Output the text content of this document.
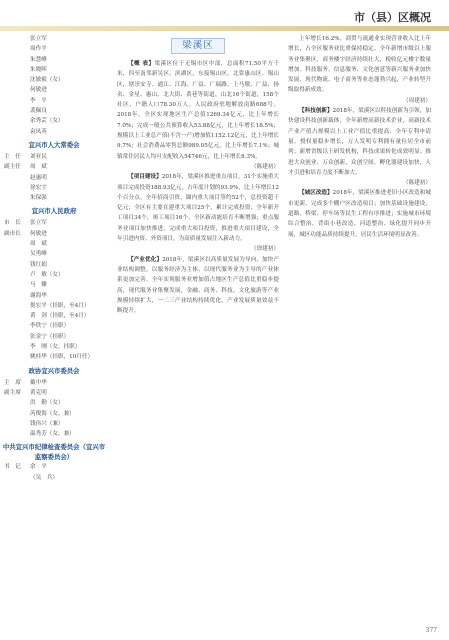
市（县）区概况
张立军
周作平
朱慧峰
朱晓晖
沈敏毅（女）
何敏进
李　平
裴佩良
余秀芸（女）
袁凤英
宜兴市人大常委会
主　任	刘亚民
副主任	周　斌
赵惠明
徐宏宇
朱保强
宜兴市人民政府
市　长	张立军
副市长	何敏进
周　斌
吴勇峰
钱红娟
卢　敏（女）
马　姗
谢海华
倪宏平（挂职，至4月）
黄　剑（挂职，至4月）
李铁宁（挂职）
张金宁（挂职）
李　刚（女，挂职）
姚桂华（挂职，10月任）
政协宜兴市委员会
主　席	戴中华
副主席	黄克明
洪　勤（女）
芮俊海（女，兼）
钱伟兴（兼）
温秀芳（女，兼）
中共宜兴市纪律检查委员会（宜兴市监察委员会）
书　记	余　平
（吴　兵）
梁溪区

【概 表】梁溪区位于无锡市区中部，总面积71.50平方千米，四至南邻新吴区、滨湖区，东接锡山区，北靠惠山区、锡山区，辖崇安寺、通江、江海、广益、广瑞路、上马墩、广益、扬名、金星、惠山、北大街、黄巷等街道，山北16个街道，158个社区。户籍人口78.30万人。人民政府驻地解放南路688号。2018年，全区实现地区生产总值1269.34亿元，比上年增长7.0%；完成一般公共预算收入53.88亿元，比上年增长18.5%；规模以上工业总产值(不含一产)增加值1152.12亿元，比上年增长9.7%；社会消费品零售总额989.05亿元，比上年增长7.1%；城镇常住居民人均可支配收入54746元，比上年增长8.3%。

（陈建初）

【项目建设】2018年，梁溪区推进重点项目，31个实施重大项目完成投资188.93亿元，占年度计划的93.9%，比上年增长12个百分点。全年招商引资、圈内重大项目签约52个，总投资超千亿元；全区有主要在建重大项目25个，累计完成投资；全年新开工项目34个，竣工项目16个，全区新动能培育不断增强；重点服务业项目加快推进，完成重大项目投资，推进重大项目建设，全年引进内资、外资项目，为高质量发展注入新动力。

（徐建初）

【产业优化】2018年，梁溪区以高质量发展为导向，加快产业结构调整，以服务经济为主体、以现代服务业为主导的产业体系更加完善。全年实现服务业增加值占地区生产总值比重稳步提高，现代服务业集聚发展，金融、商务、科技、文化旅游等产业规模持续扩大，一二三产业结构持续优化，产业发展质量效益不断提升。

上年增长16.2%，商贸与流通业实现营业收入比上年增长，占全区服务业比重保持稳定。全年新增市级以上服务业集聚区，商务楼宇经济持续壮大，税收亿元楼宇数量增加。科技服务、信息服务、文化创意等新兴服务业加快发展，现代物流、电子商务等业态蓬勃兴起，产业转型升级取得新成效。

（周建初）

【科技创新】2018年，梁溪区以科技创新为引领，加快建设科技创新载体，全年新增高新技术企业，高新技术产业产值占规模以上工业产值比重提高；全年专利申请量、授权量稳步增长，万人发明专利拥有量位居全市前列；新增省级以上研发机构，科技成果转化成效明显；推进大众创业、万众创新，众创空间、孵化器建设加快，人才引进和培育力度不断加大。

（陈建初）

【城区改造】2018年，梁溪区推进老旧小区改造和城市更新，完成多个棚户区改造项目；加快基础设施建设，道路、桥梁、停车场等民生工程有序推进；实施城市环境综合整治，背街小巷改造、河道整治、绿化提升同步开展，城区功能品质持续提升，居民生活环境明显改善。

377
